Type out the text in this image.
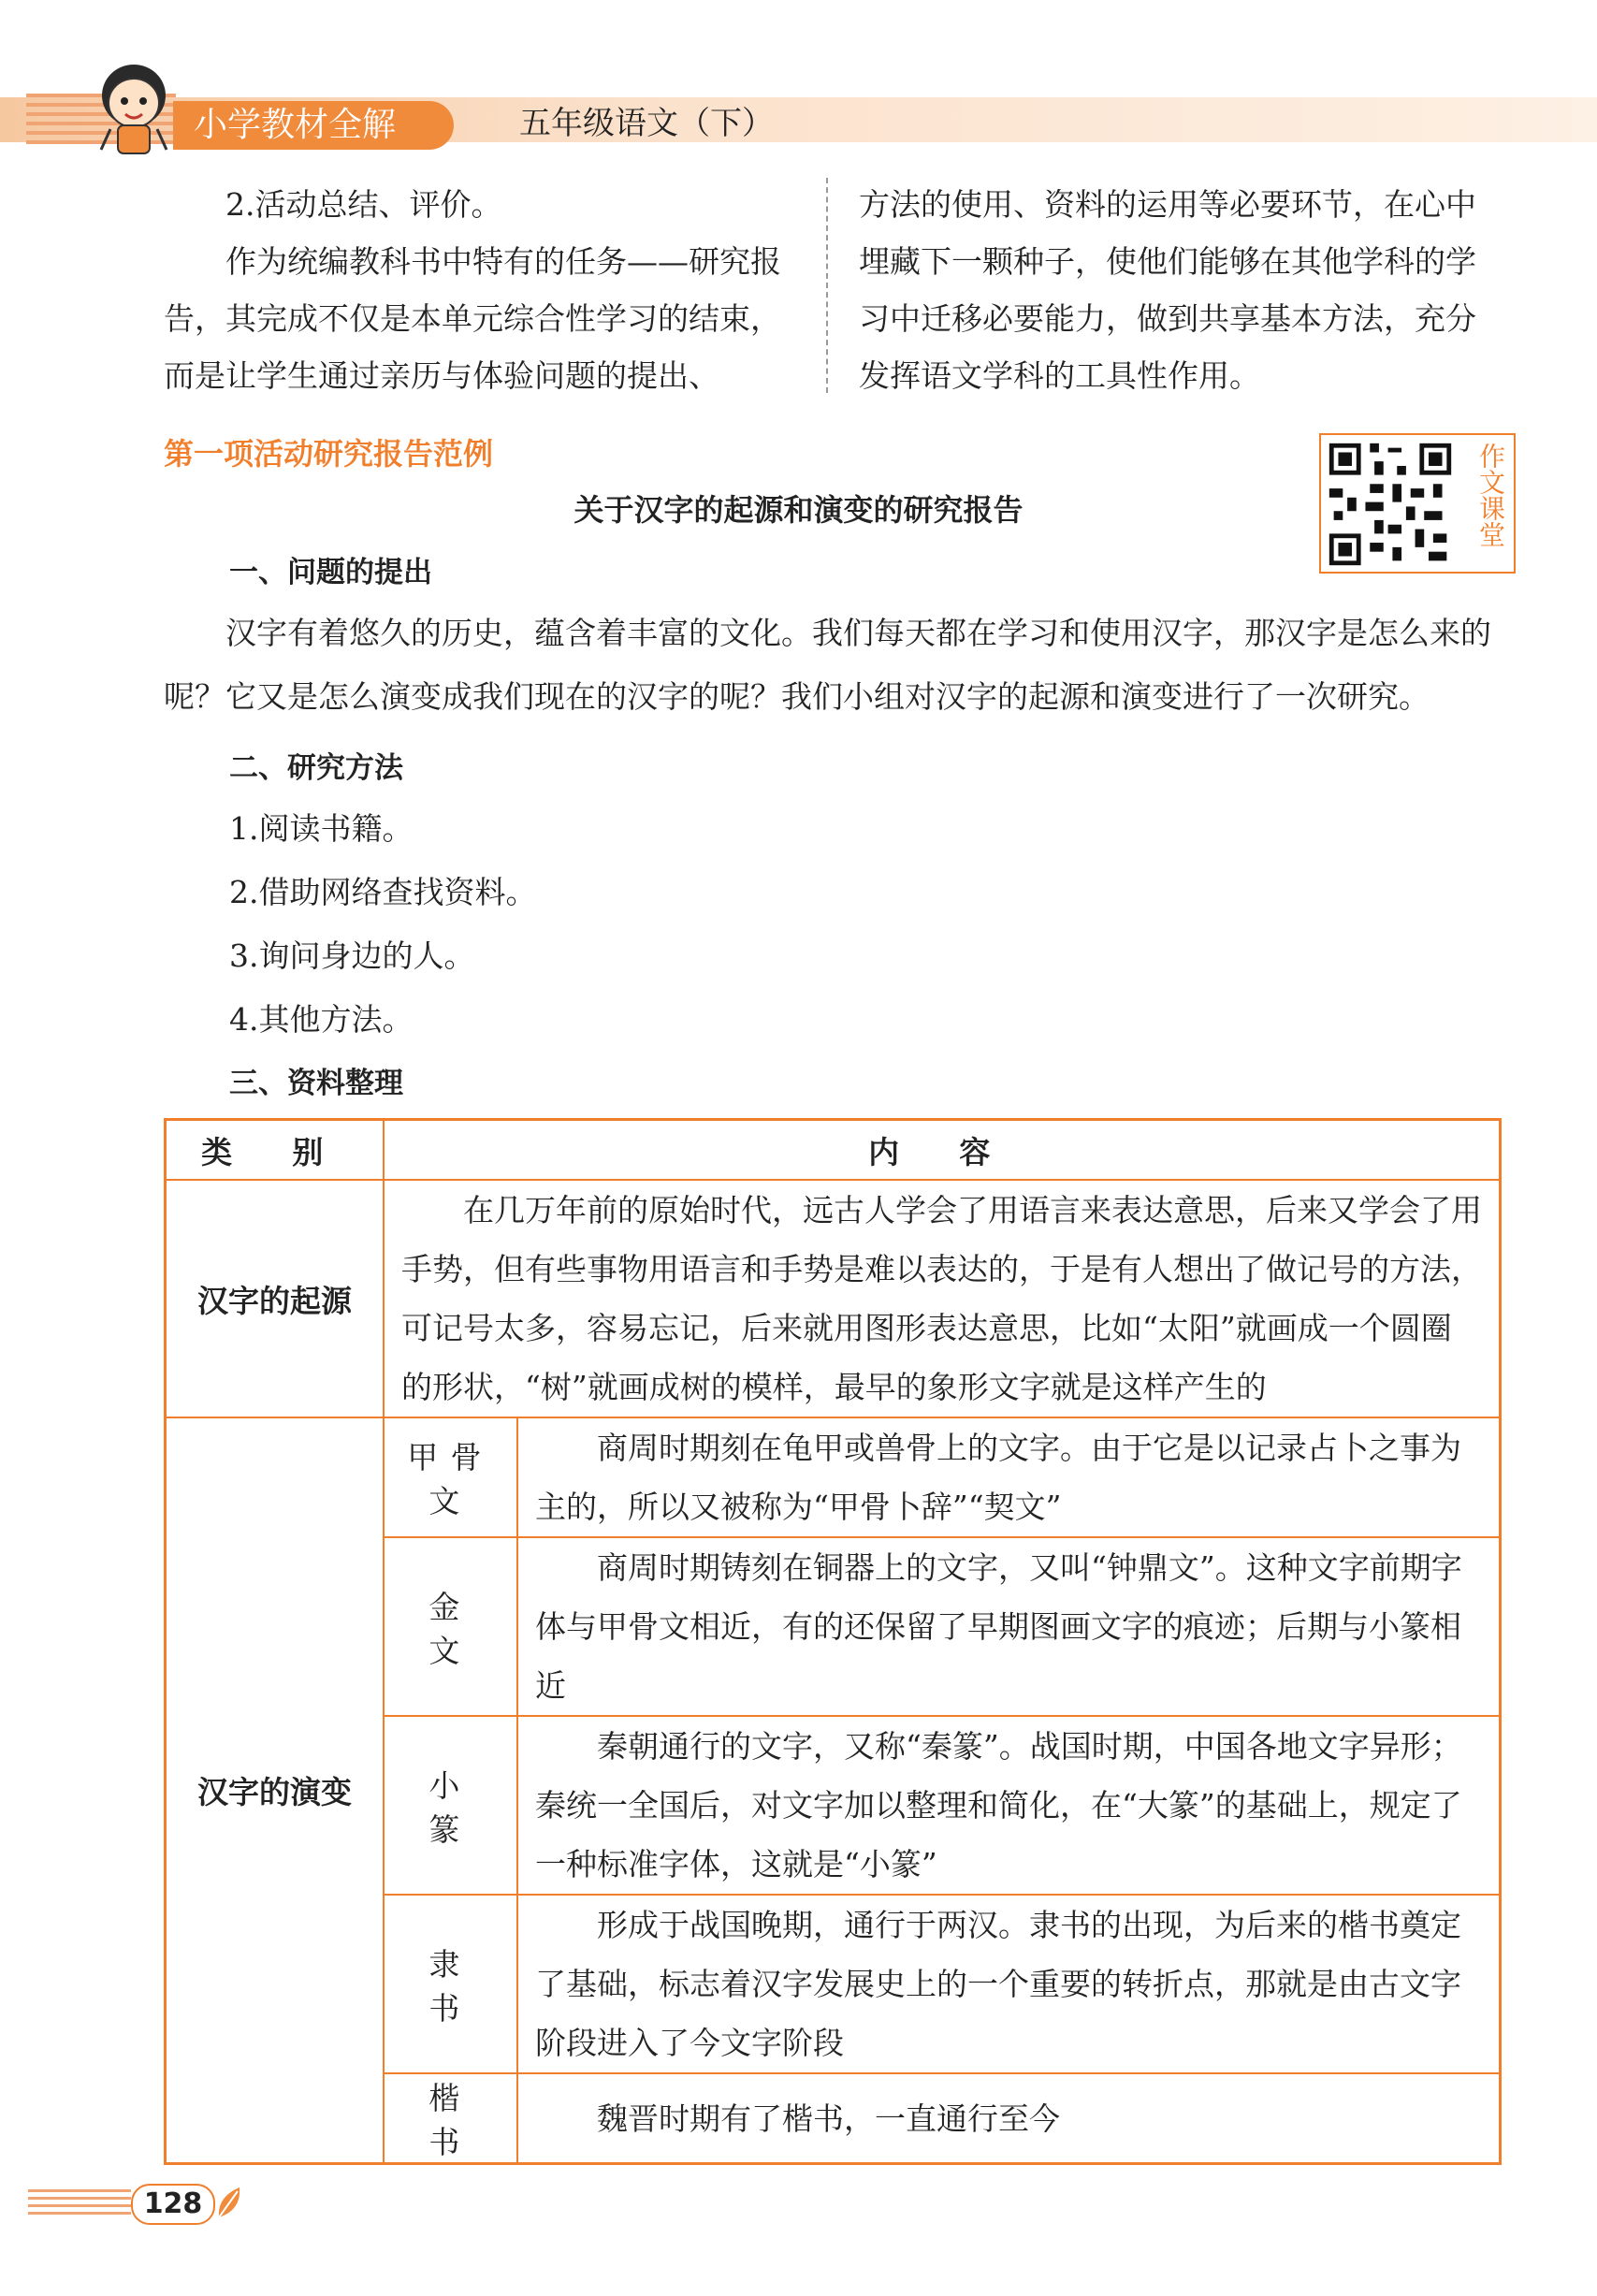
小学教材全解	五年级语文（下）

2.活动总结、评价。

作为统编教科书中特有的任务——研究报告，其完成不仅是本单元综合性学习的结束，而是让学生通过亲历与体验问题的提出、

方法的使用、资料的运用等必要环节，在心中埋藏下一颗种子，使他们能够在其他学科的学习中迁移必要能力，做到共享基本方法，充分发挥语文学科的工具性作用。

第一项活动研究报告范例	作文课堂
关于汉字的起源和演变的研究报告
一、问题的提出
汉字有着悠久的历史，蕴含着丰富的文化。我们每天都在学习和使用汉字，那汉字是怎么来的呢？它又是怎么演变成我们现在的汉字的呢？我们小组对汉字的起源和演变进行了一次研究。
二、研究方法
1.阅读书籍。
2.借助网络查找资料。
3.询问身边的人。
4.其他方法。
三、资料整理
类 别	内 容	
汉字的起源	在几万年前的原始时代，远古人学会了用语言来表达意思，后来又学会了用手势，但有些事物用语言和手势是难以表达的，于是有人想出了做记号的方法，可记号太多，容易忘记，后来就用图形表达意思，比如“太阳”就画成一个圆圈的形状，“树”就画成树的模样，最早的象形文字就是这样产生的	
汉字的演变	甲骨文	商周时期刻在龟甲或兽骨上的文字。由于它是以记录占卜之事为主的，所以又被称为“甲骨卜辞”“契文”
	金 文	商周时期铸刻在铜器上的文字，又叫“钟鼎文”。这种文字前期字体与甲骨文相近，有的还保留了早期图画文字的痕迹；后期与小篆相近
	小 篆	秦朝通行的文字，又称“秦篆”。战国时期，中国各地文字异形；秦统一全国后，对文字加以整理和简化，在“大篆”的基础上，规定了一种标准字体，这就是“小篆”
	隶 书	形成于战国晚期，通行于两汉。隶书的出现，为后来的楷书奠定了基础，标志着汉字发展史上的一个重要的转折点，那就是由古文字阶段进入了今文字阶段
	楷 书	魏晋时期有了楷书，一直通行至今
128
